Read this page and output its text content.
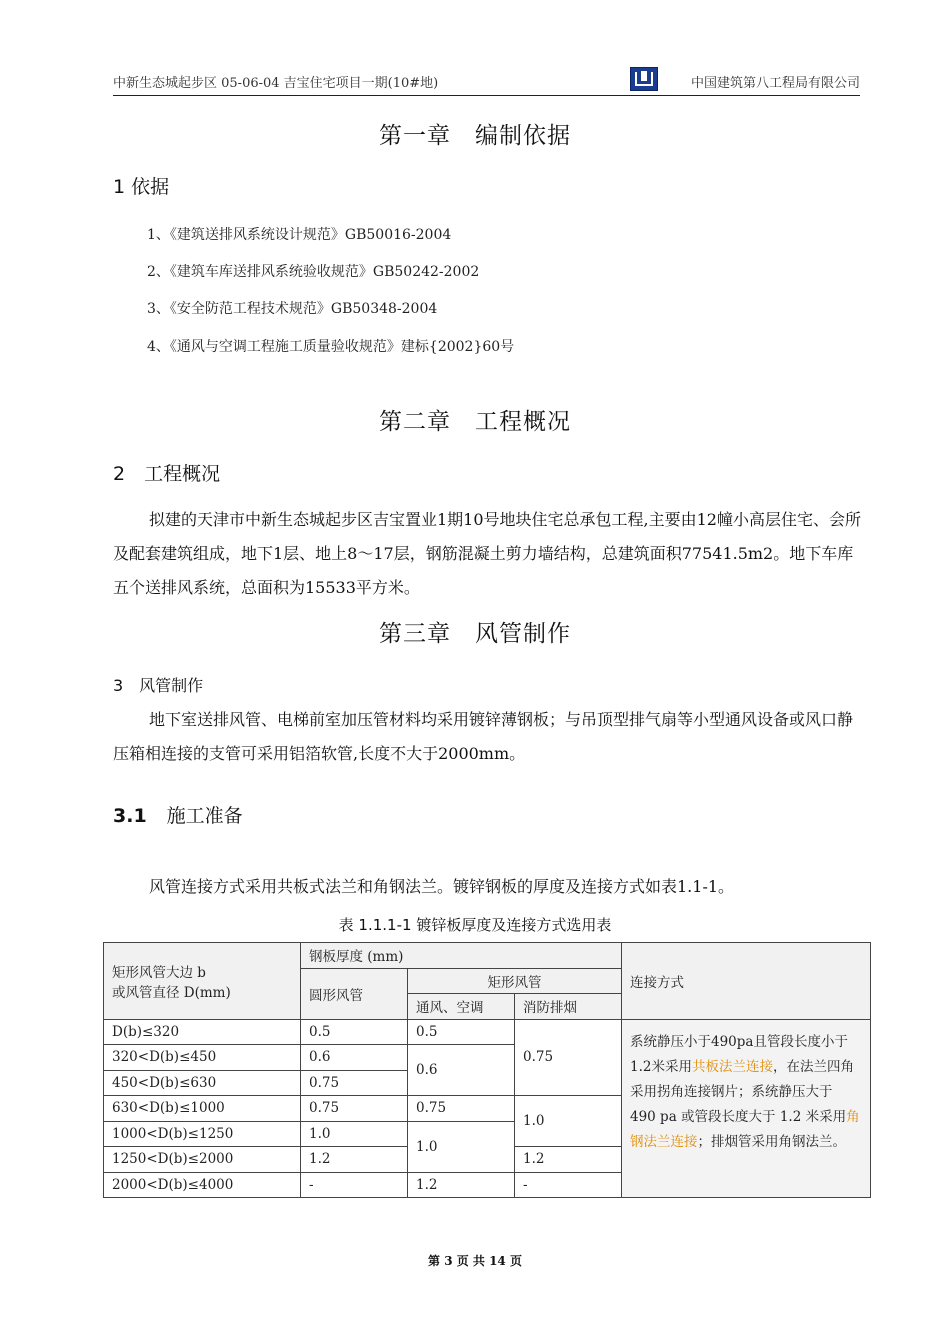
中新生态城起步区 05-06-04 吉宝住宅项目一期(10#地)	中国建筑第八工程局有限公司
第一章　编制依据
1 依据
1、《建筑送排风系统设计规范》GB50016-2004
2、《建筑车库送排风系统验收规范》GB50242-2002
3、《安全防范工程技术规范》GB50348-2004
4、《通风与空调工程施工质量验收规范》建标{2002}60号
第二章　工程概况
2　工程概况

拟建的天津市中新生态城起步区吉宝置业1期10号地块住宅总承包工程,主要由12幢小高层住宅、会所及配套建筑组成，地下1层、地上8～17层，钢筋混凝土剪力墙结构，总建筑面积77541.5m2。地下车库五个送排风系统，总面积为15533平方米。

第三章　风管制作
3　风管制作

地下室送排风管、电梯前室加压管材料均采用镀锌薄钢板；与吊顶型排气扇等小型通风设备或风口静压箱相连接的支管可采用铝箔软管,长度不大于2000mm。

3.1 施工准备

风管连接方式采用共板式法兰和角钢法兰。镀锌钢板的厚度及连接方式如表1.1-1。

表 1.1.1-1 镀锌板厚度及连接方式选用表
矩形风管大边 b
或风管直径 D(mm)	钢板厚度 (mm)			连接方式
	圆形风管	矩形风管		
		通风、空调	消防排烟	
D(b)≤320	0.5	0.5	0.75	系统静压小于490pa且管段长度小于1.2米采用共板法兰连接，在法兰四角采用拐角连接钢片；系统静压大于 490 pa 或管段长度大于 1.2 米采用角钢法兰连接；排烟管采用角钢法兰。
320<D(b)≤450	0.6	0.6		
450<D(b)≤630	0.75			
630<D(b)≤1000	0.75	0.75	1.0	
1000<D(b)≤1250	1.0	1.0		
1250<D(b)≤2000	1.2		1.2	
2000<D(b)≤4000	-	1.2	-	
第 3 页 共 14 页
